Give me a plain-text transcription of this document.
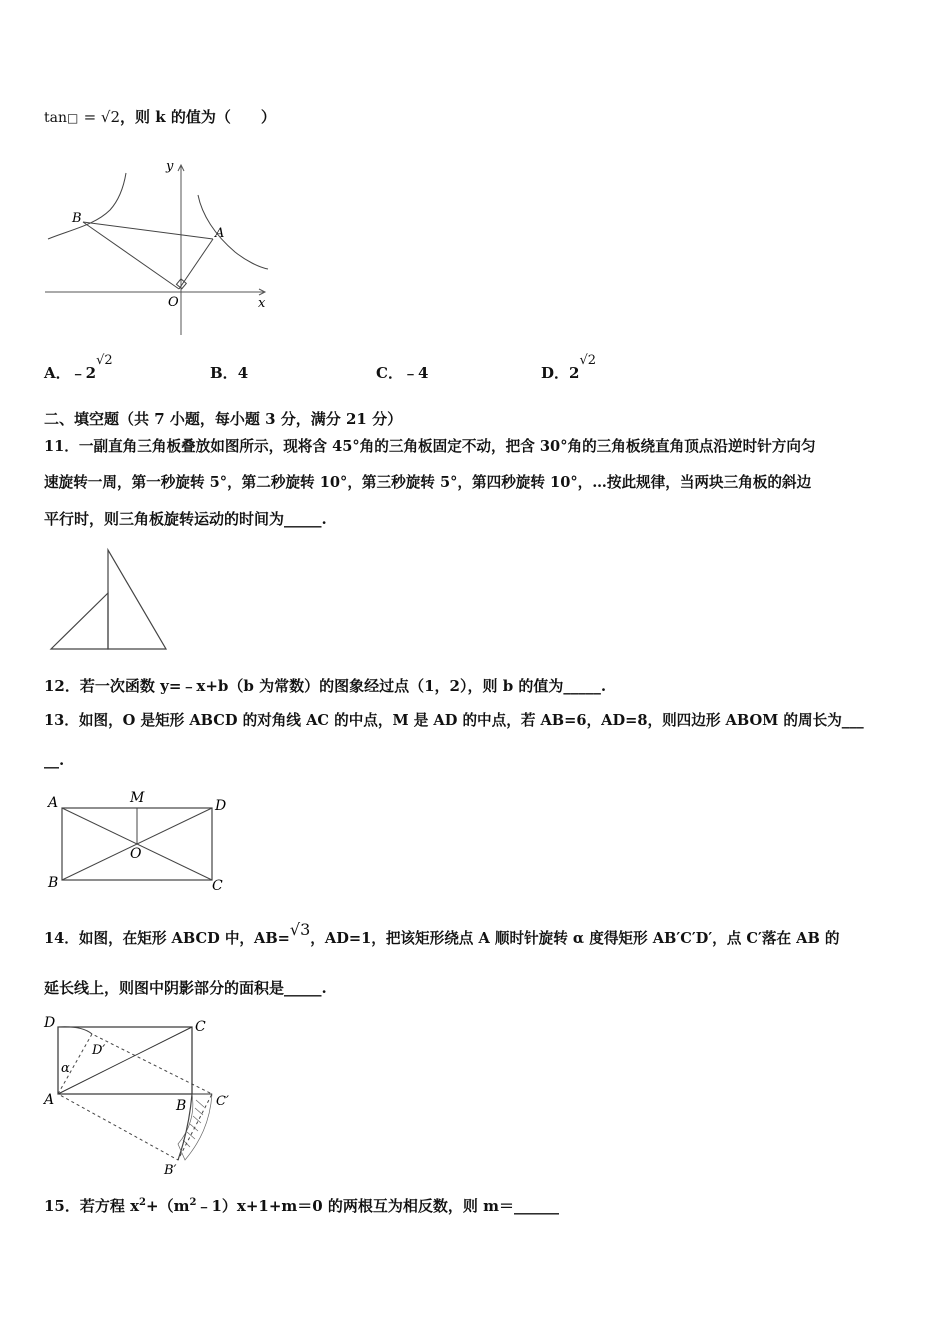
tan□ = √2，则 k 的值为（　　）
y
x
O
B
A
A．﹣2√2
B．4	C．﹣4	D．2√2
二、填空题（共 7 小题，每小题 3 分，满分 21 分）
11．一副直角三角板叠放如图所示，现将含 45°角的三角板固定不动，把含 30°角的三角板绕直角顶点沿逆时针方向匀
速旋转一周，第一秒旋转 5°，第二秒旋转 10°，第三秒旋转 5°，第四秒旋转 10°，…按此规律，当两块三角板的斜边
平行时，则三角板旋转运动的时间为_____.
12．若一次函数 y=﹣x+b（b 为常数）的图象经过点（1，2），则 b 的值为_____.
13．如图，O 是矩形 ABCD 的对角线 AC 的中点，M 是 AD 的中点，若 AB=6，AD=8，则四边形 ABOM 的周长为___
__.
A	M	D
O
B	C
14．如图，在矩形 ABCD 中，AB=√3，AD=1，把该矩形绕点 A 顺时针旋转 α 度得矩形 AB′C′D′，点 C′落在 AB 的
延长线上，则图中阴影部分的面积是_____.
D	C
D′
α
A	B C′
B′
15．若方程 $x^2+(m^2﹣1)x+1+m=0$ 的两根互为相反数，则 m＝______
